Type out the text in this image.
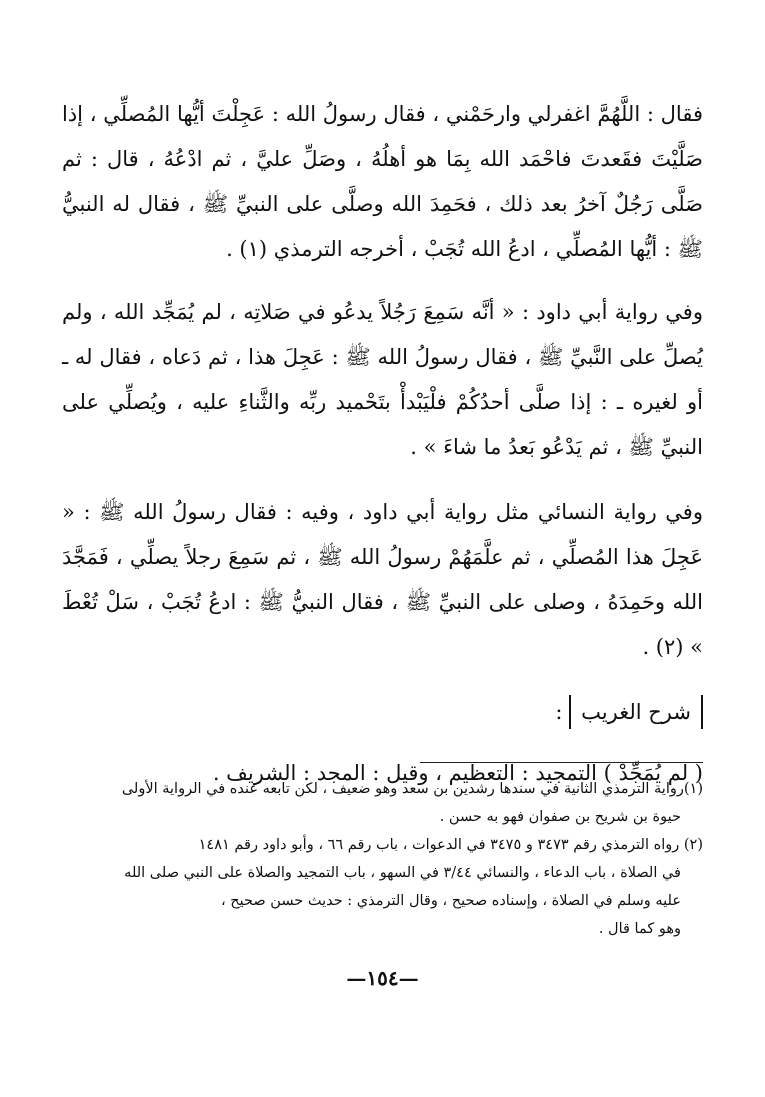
فقال : اللَّهُمَّ اغفرلي وارحَمْني ، فقال رسولُ الله : عَجِلْتَ أيُّها المُصلِّي ، إذا صَلَّيْتَ فقَعدتَ فاحْمَد الله بِمَا هو أهلُهُ ، وصَلِّ عليَّ ، ثم ادْعُهُ ، قال : ثم صَلَّى رَجُلٌ آخرُ بعد ذلك ، فحَمِدَ الله وصلَّى على النبيِّ ﷺ ، فقال له النبيُّ ﷺ : أيُّها المُصلِّي ، ادعُ الله تُجَبْ ، أخرجه الترمذي (١) .

وفي رواية أبي داود : « أنَّه سَمِعَ رَجُلاً يدعُو في صَلاتِه ، لم يُمَجِّد الله ، ولم يُصلِّ على النَّبيِّ ﷺ ، فقال رسولُ الله ﷺ : عَجِلَ هذا ، ثم دَعاه ، فقال له ـ أو لغيره ـ : إذا صلَّى أحدُكُمْ فلْيَبْدأْ بتَحْميد ربِّه والثَّناءِ عليه ، ويُصلِّي على النبيِّ ﷺ ، ثم يَدْعُو بَعدُ ما شاءَ » .

وفي رواية النسائي مثل رواية أبي داود ، وفيه : فقال رسولُ الله ﷺ : « عَجِلَ هذا المُصلِّي ، ثم علَّمَهُمْ رسولُ الله ﷺ ، ثم سَمِعَ رجلاً يصلِّي ، فَمَجَّدَ الله وحَمِدَهُ ، وصلى على النبيِّ ﷺ ، فقال النبيُّ ﷺ : ادعُ تُجَبْ ، سَلْ تُعْطَ » (٢) .

شرح الغريب :

( لم يُمَجِّدْ ) التمجيد : التعظيم ، وقيل : المجد : الشريف .

(١)رواية الترمذي الثانية في سندها رشدين بن سعد وهو ضعيف ، لكن تابعه عنده في الرواية الأولى

حيوة بن شريح بن صفوان فهو به حسن .

(٢) رواه الترمذي رقم ٣٤٧٣ و ٣٤٧٥ في الدعوات ، باب رقم ٦٦ ، وأبو داود رقم ١٤٨١

في الصلاة ، باب الدعاء ، والنسائي ٣/٤٤ في السهو ، باب التمجيد والصلاة على النبي صلى الله

عليه وسلم في الصلاة ، وإسناده صحيح ، وقال الترمذي : حديث حسن صحيح ،

وهو كما قال .

—١٥٤—
